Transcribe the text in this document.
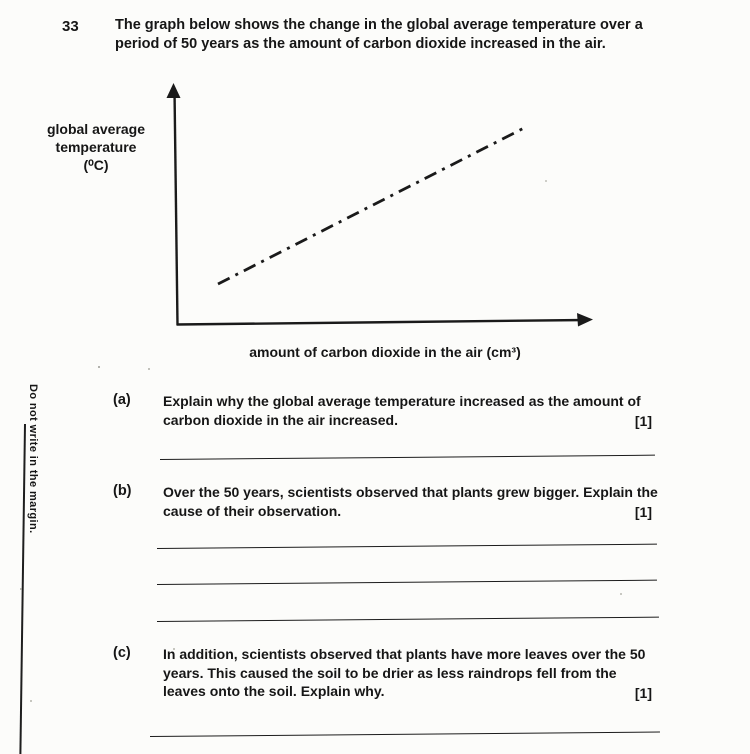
33	The graph below shows the change in the global average temperature over a period of 50 years as the amount of carbon dioxide increased in the air.
global average
temperature
(⁰C)
amount of carbon dioxide in the air (cm³)
(a) Explain why the global average temperature increased as the amount of carbon dioxide in the air increased.	[1]
(b) Over the 50 years, scientists observed that plants grew bigger. Explain the cause of their observation.	[1]
(c) In addition, scientists observed that plants have more leaves over the 50 years. This caused the soil to be drier as less raindrops fell from the leaves onto the soil. Explain why.	[1]
Do not write in the margin.
